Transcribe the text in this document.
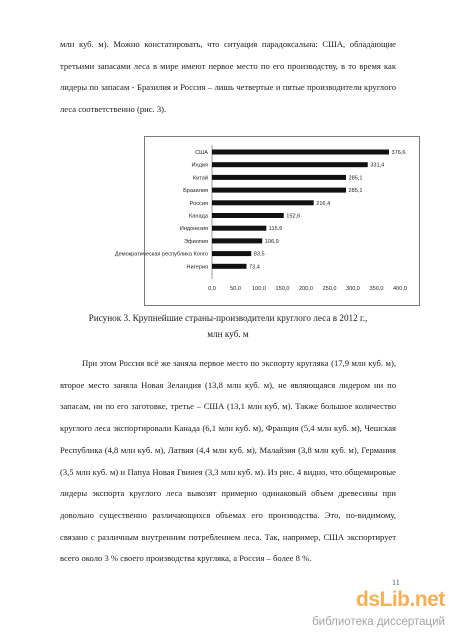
млн куб. м). Можно констатировать, что ситуация парадоксальна: США, обладающие третьими запасами леса в мире имеют первое место по его производству, в то время как лидеры по запасам - Бразилия и Россия – лишь четвертые и пятые производители круглого леса соответственно (рис. 3).

США	376,6
Индия	331,4
Китай	285,1
Бразилия	285,1
Россия	216,4
Канада	152,6
Индонезия	115,6
Эфиопия	106,9
Демократическая республика Конго	83,5
Нигерия	73,4
0,0	50,0 100,0 150,0 200,0 250,0 300,0 350,0 400,0

Рисунок 3. Крупнейшие страны-производители круглого леса в 2012 г.,

млн куб. м

При этом Россия всё же заняла первое место по экспорту кругляка (17,9 млн куб. м), второе место заняла Новая Зеландия (13,8 млн куб. м), не являющаяся лидером ни по запасам, ни по его заготовке, третье – США (13,1 млн куб. м). Также большое количество круглого леса экспортировали Канада (6,1 млн куб. м), Франция (5,4 млн куб. м), Чешская Республика (4,8 млн куб. м), Латвия (4,4 млн куб. м), Малайзия (3,8 млн куб. м), Германия (3,5 млн куб. м) и Папуа Новая Гвинея (3,3 млн куб. м). Из рис. 4 видно, что общемировые лидеры экспорта круглого леса вывозят примерно одинаковый объем древесины при довольно существенно различающихся объемах его производства. Это, по-видимому, связано с различным внутренним потреблением леса. Так, например, США экспортирует всего около 3 % своего производства кругляка, а Россия – более 8 %.

11
dsLib.net
библиотека диссертаций
